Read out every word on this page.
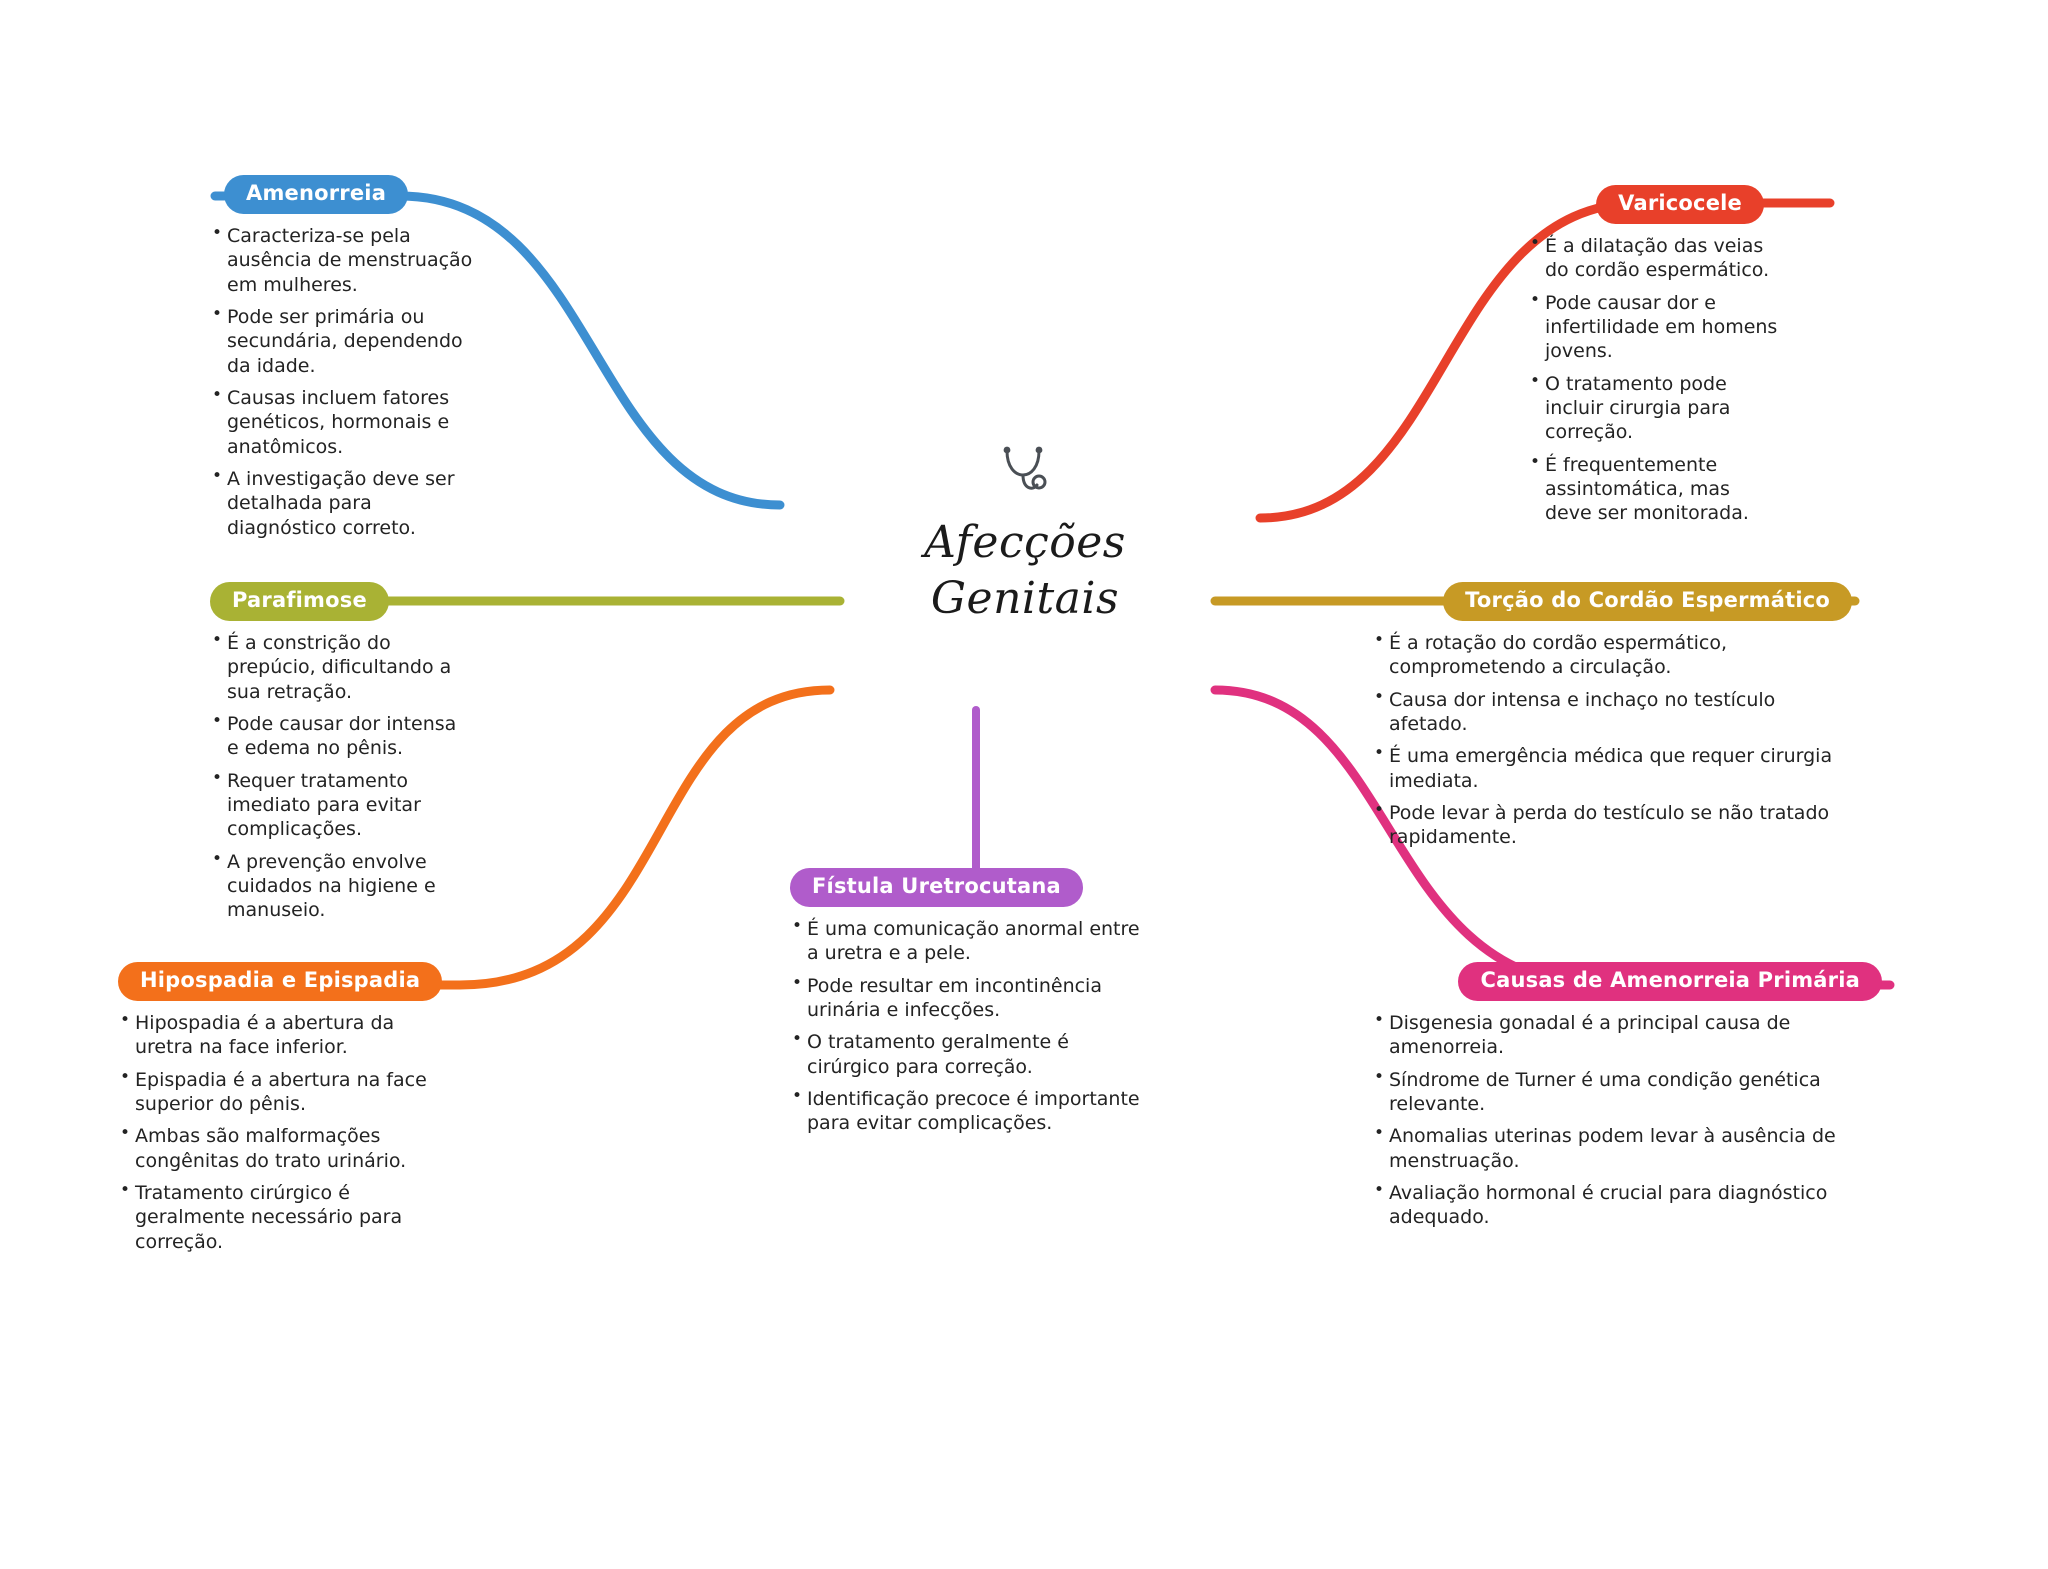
Afecções
Genitais
Amenorreia
• Caracteriza-se pela ausência de menstruação em mulheres.
• Pode ser primária ou secundária, dependendo da idade.
• Causas incluem fatores genéticos, hormonais e anatômicos.
• A investigação deve ser detalhada para diagnóstico correto.
Parafimose
• É a constrição do prepúcio, dificultando a sua retração.
• Pode causar dor intensa e edema no pênis.
• Requer tratamento imediato para evitar complicações.
• A prevenção envolve cuidados na higiene e manuseio.
Hipospadia e Epispadia
• Hipospadia é a abertura da uretra na face inferior.
• Epispadia é a abertura na face superior do pênis.
• Ambas são malformações congênitas do trato urinário.
• Tratamento cirúrgico é geralmente necessário para correção.
Fístula Uretrocutana
• É uma comunicação anormal entre a uretra e a pele.
• Pode resultar em incontinência urinária e infecções.
• O tratamento geralmente é cirúrgico para correção.
• Identificação precoce é importante para evitar complicações.
Varicocele
• É a dilatação das veias do cordão espermático.
• Pode causar dor e infertilidade em homens jovens.
• O tratamento pode incluir cirurgia para correção.
• É frequentemente assintomática, mas deve ser monitorada.
Torção do Cordão Espermático
• É a rotação do cordão espermático, comprometendo a circulação.
• Causa dor intensa e inchaço no testículo afetado.
• É uma emergência médica que requer cirurgia imediata.
• Pode levar à perda do testículo se não tratado rapidamente.
Causas de Amenorreia Primária
• Disgenesia gonadal é a principal causa de amenorreia.
• Síndrome de Turner é uma condição genética relevante.
• Anomalias uterinas podem levar à ausência de menstruação.
• Avaliação hormonal é crucial para diagnóstico adequado.
